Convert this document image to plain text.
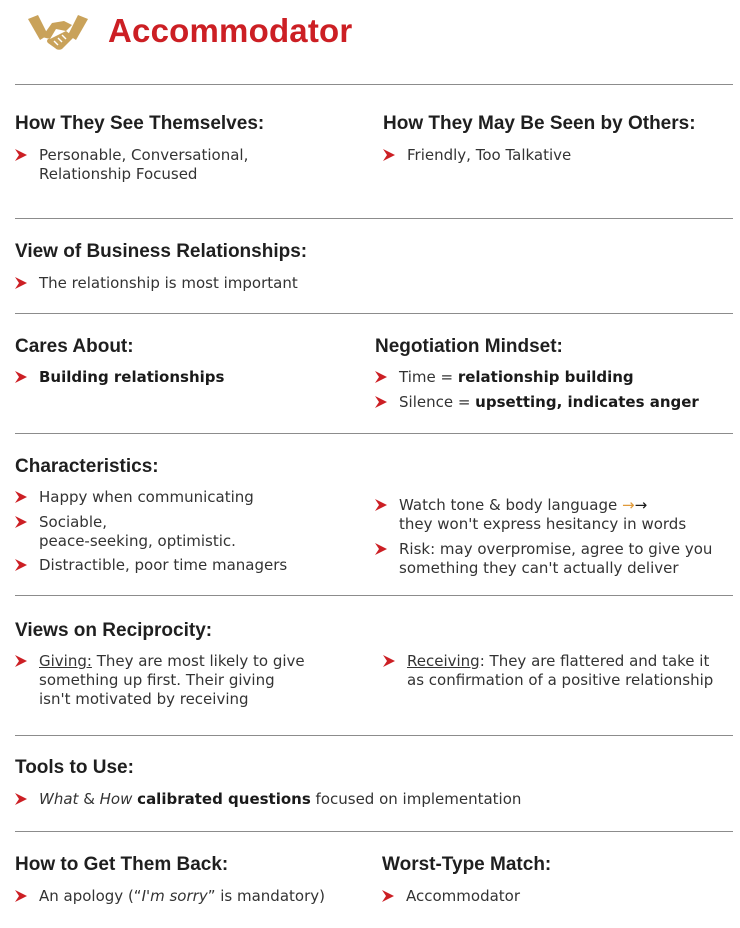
Accommodator
How They See Themselves:
Personable, Conversational,
Relationship Focused
How They May Be Seen by Others:
Friendly, Too Talkative
View of Business Relationships:
The relationship is most important
Cares About:
Building relationships
Negotiation Mindset:
Time = relationship building
Silence = upsetting, indicates anger
Characteristics:
Happy when communicating
Sociable,
peace-seeking, optimistic.
Distractible, poor time managers
Watch tone & body language →→
they won't express hesitancy in words
Risk: may overpromise, agree to give you
something they can't actually deliver
Views on Reciprocity:
Giving: They are most likely to give
something up first. Their giving
isn't motivated by receiving
Receiving: They are flattered and take it
as confirmation of a positive relationship
Tools to Use:
What & How calibrated questions focused on implementation
How to Get Them Back:
An apology (“I'm sorry” is mandatory)
Worst-Type Match:
Accommodator
